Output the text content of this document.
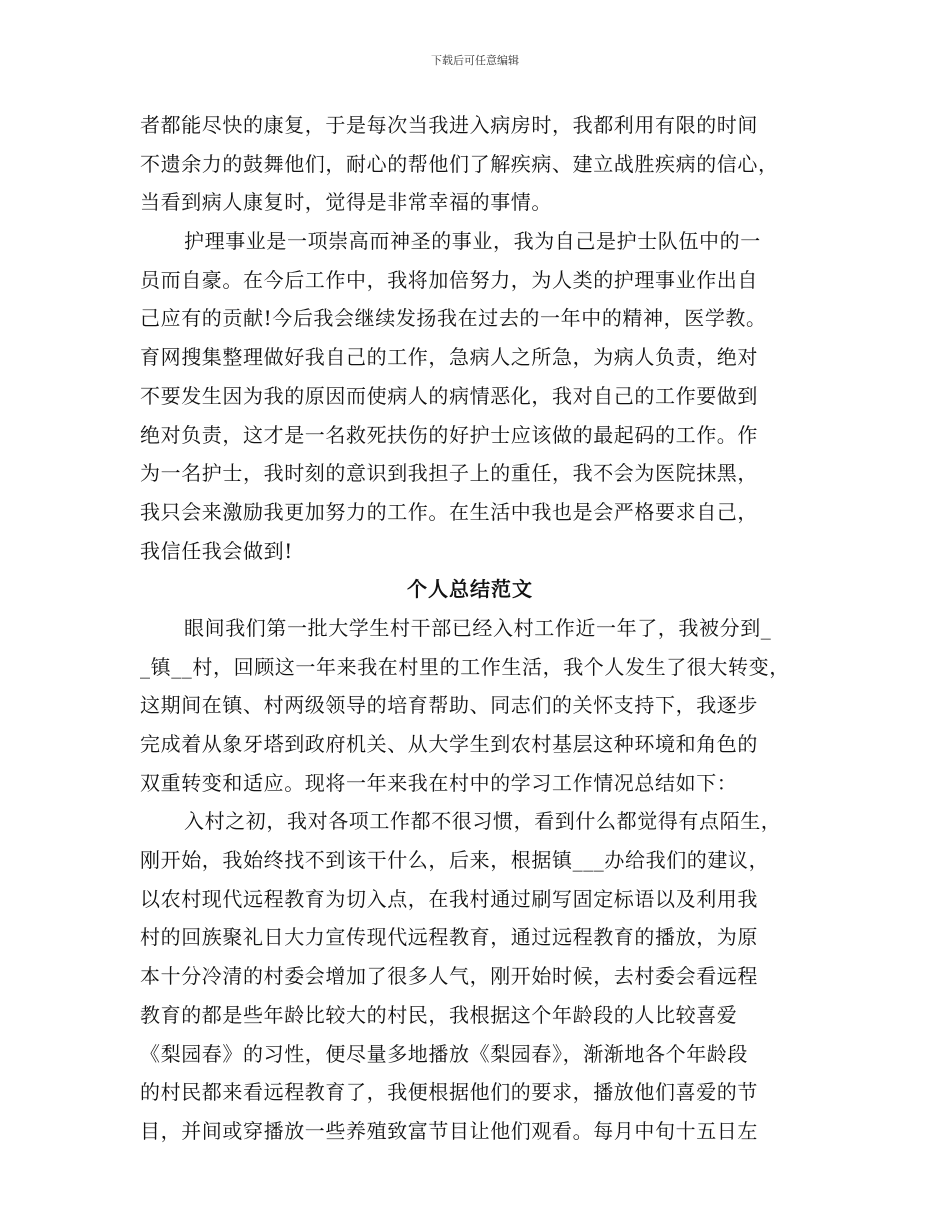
下载后可任意编辑
者都能尽快的康复，于是每次当我进入病房时，我都利用有限的时间
不遗余力的鼓舞他们，耐心的帮他们了解疾病、建立战胜疾病的信心，
当看到病人康复时，觉得是非常幸福的事情。
护理事业是一项崇高而神圣的事业，我为自己是护士队伍中的一
员而自豪。在今后工作中，我将加倍努力，为人类的护理事业作出自
己应有的贡献!今后我会继续发扬我在过去的一年中的精神，医学教。
育网搜集整理做好我自己的工作，急病人之所急，为病人负责，绝对
不要发生因为我的原因而使病人的病情恶化，我对自己的工作要做到
绝对负责，这才是一名救死扶伤的好护士应该做的最起码的工作。作
为一名护士，我时刻的意识到我担子上的重任，我不会为医院抹黑，
我只会来激励我更加努力的工作。在生活中我也是会严格要求自己，
我信任我会做到!
个人总结范文
眼间我们第一批大学生村干部已经入村工作近一年了，我被分到_
_镇__村，回顾这一年来我在村里的工作生活，我个人发生了很大转变，
这期间在镇、村两级领导的培育帮助、同志们的关怀支持下，我逐步
完成着从象牙塔到政府机关、从大学生到农村基层这种环境和角色的
双重转变和适应。现将一年来我在村中的学习工作情况总结如下：
入村之初，我对各项工作都不很习惯，看到什么都觉得有点陌生，
刚开始，我始终找不到该干什么，后来，根据镇___办给我们的建议，
以农村现代远程教育为切入点，在我村通过刷写固定标语以及利用我
村的回族聚礼日大力宣传现代远程教育，通过远程教育的播放，为原
本十分冷清的村委会增加了很多人气，刚开始时候，去村委会看远程
教育的都是些年龄比较大的村民，我根据这个年龄段的人比较喜爱
《梨园春》的习性，便尽量多地播放《梨园春》，渐渐地各个年龄段
的村民都来看远程教育了，我便根据他们的要求，播放他们喜爱的节
目，并间或穿播放一些养殖致富节目让他们观看。每月中旬十五日左
